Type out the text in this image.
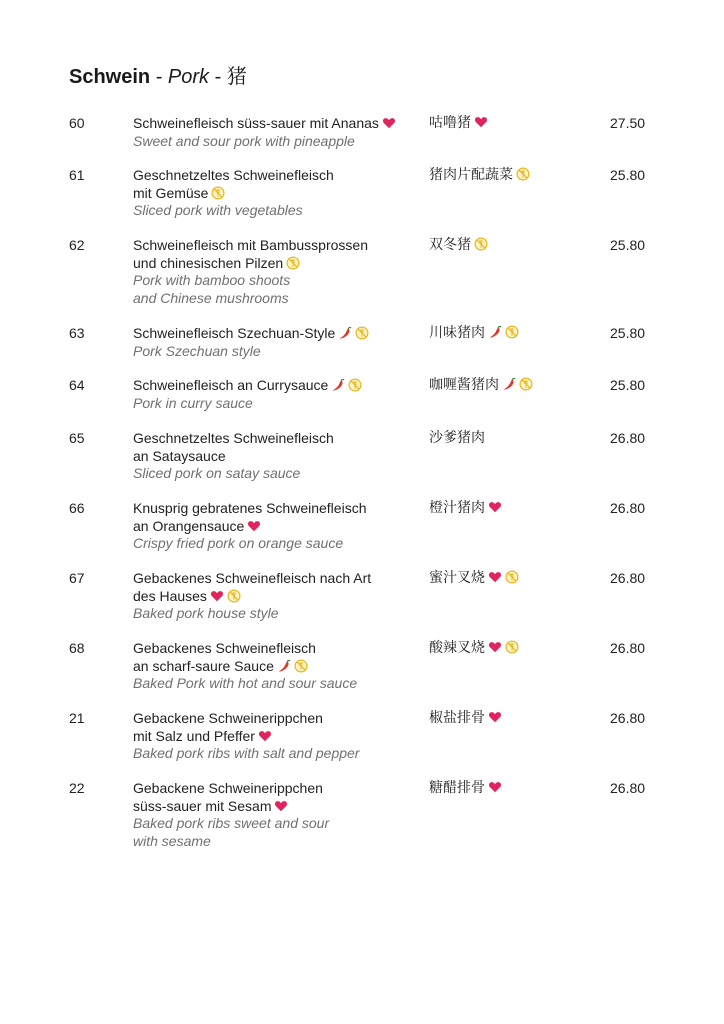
Schwein - Pork - 猪
60	Schweinefleisch süss-sauer mit Ananas
Sweet and sour pork with pineapple
咕噜猪	27.50
61	Geschnetzeltes Schweinefleisch
mit Gemüse
Sliced pork with vegetables
猪肉片配蔬菜	25.80
62	Schweinefleisch mit Bambussprossen
und chinesischen Pilzen
Pork with bamboo shoots
and Chinese mushrooms
双冬猪	25.80
63	Schweinefleisch Szechuan-Style
Pork Szechuan style
川味猪肉	25.80
64	Schweinefleisch an Currysauce
Pork in curry sauce
咖喱酱猪肉	25.80
65	Geschnetzeltes Schweinefleisch
an Sataysauce
Sliced pork on satay sauce
沙爹猪肉	26.80
66	Knusprig gebratenes Schweinefleisch
an Orangensauce
Crispy fried pork on orange sauce
橙汁猪肉	26.80
67	Gebackenes Schweinefleisch nach Art
des Hauses
Baked pork house style
蜜汁叉烧	26.80
68	Gebackenes Schweinefleisch
an scharf-saure Sauce
Baked Pork with hot and sour sauce
酸辣叉烧	26.80
21	Gebackene Schweinerippchen
mit Salz und Pfeffer
Baked pork ribs with salt and pepper
椒盐排骨	26.80
22	Gebackene Schweinerippchen
süss-sauer mit Sesam
Baked pork ribs sweet and sour
with sesame
糖醋排骨	26.80
